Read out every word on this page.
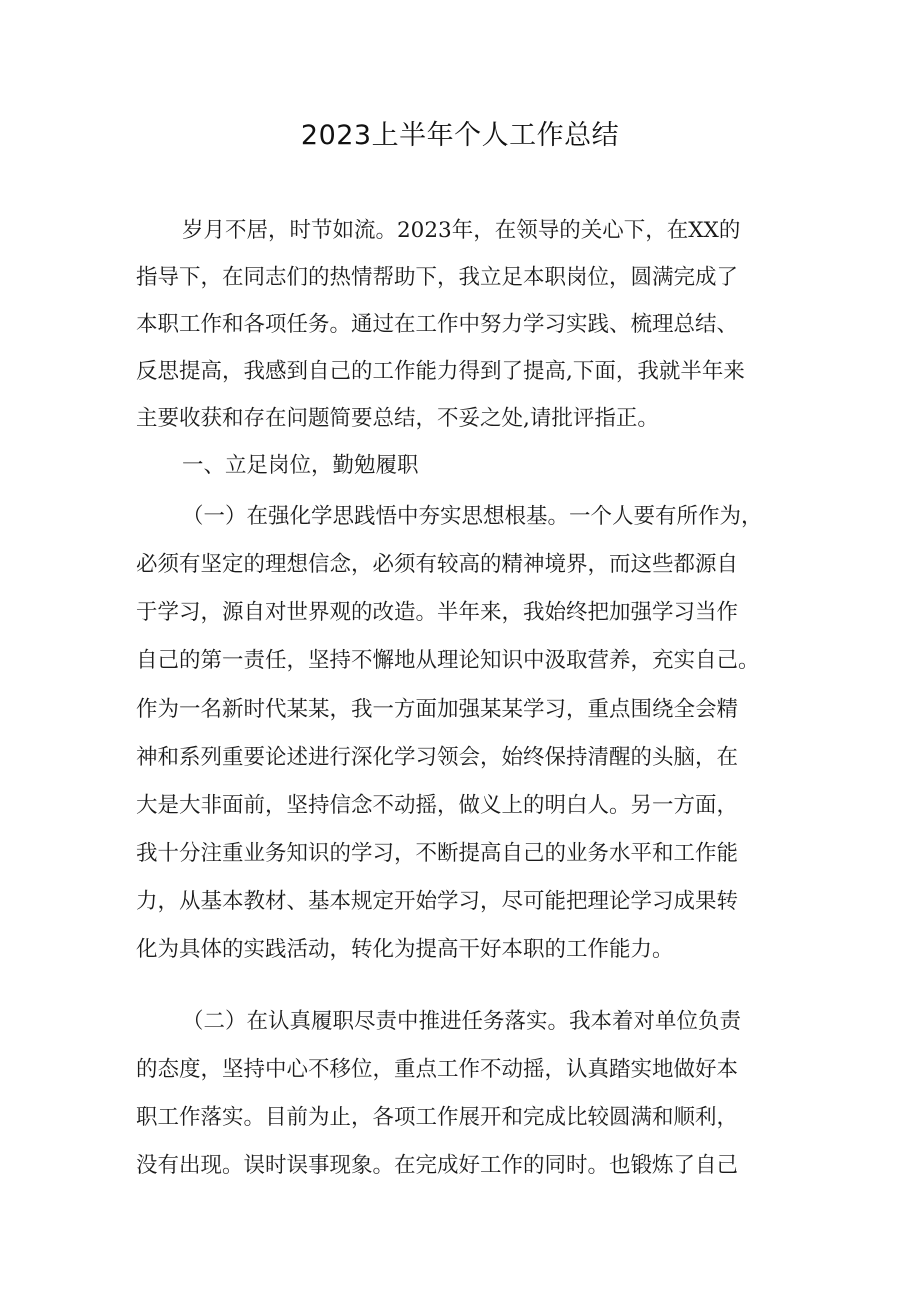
2023上半年个人工作总结
岁月不居，时节如流。2023年，在领导的关心下，在XX的
指导下，在同志们的热情帮助下，我立足本职岗位，圆满完成了
本职工作和各项任务。通过在工作中努力学习实践、梳理总结、
反思提高，我感到自己的工作能力得到了提高,下面，我就半年来
主要收获和存在问题简要总结，不妥之处,请批评指正。
一、立足岗位，勤勉履职
（一）在强化学思践悟中夯实思想根基。一个人要有所作为，
必须有坚定的理想信念，必须有较高的精神境界，而这些都源自
于学习，源自对世界观的改造。半年来，我始终把加强学习当作
自己的第一责任，坚持不懈地从理论知识中汲取营养，充实自己。
作为一名新时代某某，我一方面加强某某学习，重点围绕全会精
神和系列重要论述进行深化学习领会，始终保持清醒的头脑，在
大是大非面前，坚持信念不动摇，做义上的明白人。另一方面，
我十分注重业务知识的学习，不断提高自己的业务水平和工作能
力，从基本教材、基本规定开始学习，尽可能把理论学习成果转
化为具体的实践活动，转化为提高干好本职的工作能力。
（二）在认真履职尽责中推进任务落实。我本着对单位负责
的态度，坚持中心不移位，重点工作不动摇，认真踏实地做好本
职工作落实。目前为止，各项工作展开和完成比较圆满和顺利，
没有出现。误时误事现象。在完成好工作的同时。也锻炼了自己
